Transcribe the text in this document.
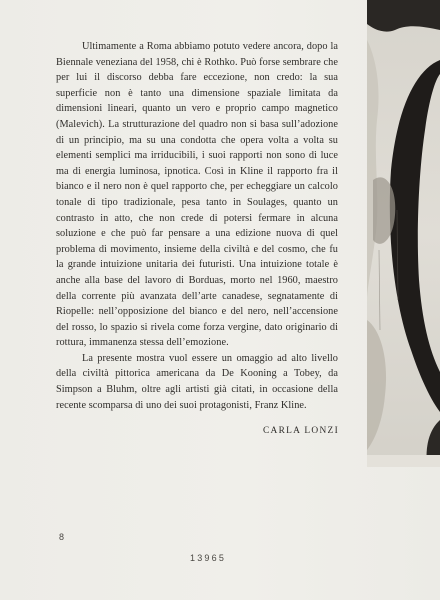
Ultimamente a Roma abbiamo potuto vedere ancora, dopo la Biennale veneziana del 1958, chi è Rothko. Può forse sembrare che per lui il discorso debba fare eccezione, non credo: la sua superficie non è tanto una dimensione spaziale limitata da dimensioni lineari, quanto un vero e proprio campo magnetico (Malevich). La strutturazione del quadro non si basa sull’adozione di un principio, ma su una condotta che opera volta a volta su elementi semplici ma irriducibili, i suoi rapporti non sono di luce ma di energia luminosa, ipnotica. Così in Kline il rapporto fra il bianco e il nero non è quel rapporto che, per echeggiare un calcolo tonale di tipo tradizionale, pesa tanto in Soulages, quanto un contrasto in atto, che non crede di potersi fermare in alcuna soluzione e che può far pensare a una edizione nuova di quel problema di movimento, insieme della civiltà e del cosmo, che fu la grande intuizione unitaria dei futuristi. Una intuizione totale è anche alla base del lavoro di Borduas, morto nel 1960, maestro della corrente più avanzata dell’arte canadese, segnatamente di Riopelle: nell’opposizione del bianco e del nero, nell’accensione del rosso, lo spazio si rivela come forza vergine, dato originario di rottura, immanenza stessa dell’emozione.

La presente mostra vuol essere un omaggio ad alto livello della civiltà pittorica americana da De Kooning a Tobey, da Simpson a Bluhm, oltre agli artisti già citati, in occasione della recente scomparsa di uno dei suoi protagonisti, Franz Kline.

CARLA LONZI
8
13965
